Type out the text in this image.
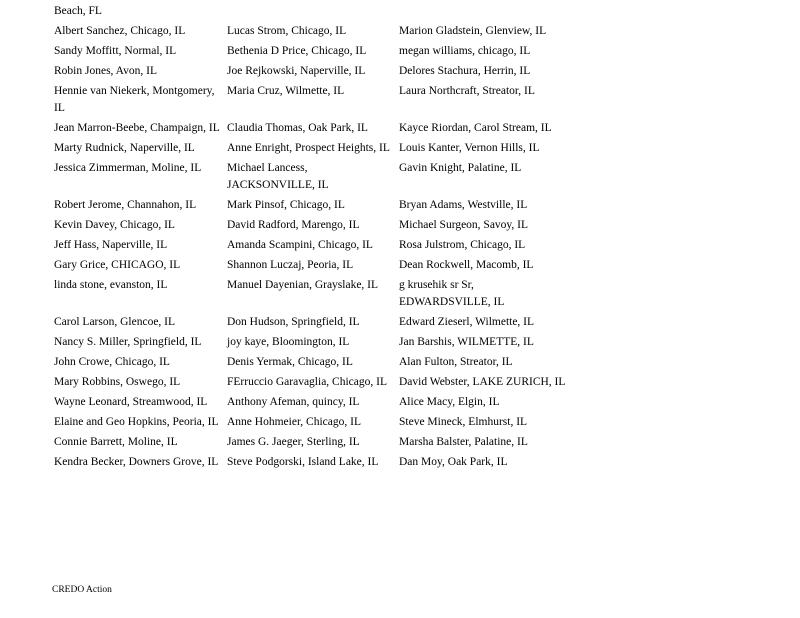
Beach, FL		
Albert Sanchez, Chicago, IL	Lucas Strom, Chicago, IL	Marion Gladstein, Glenview, IL
Sandy Moffitt, Normal, IL	Bethenia D Price, Chicago, IL	megan williams, chicago, IL
Robin Jones, Avon, IL	Joe Rejkowski, Naperville, IL	Delores Stachura, Herrin, IL
Hennie van Niekerk, Montgomery, IL	Maria Cruz, Wilmette, IL	Laura Northcraft, Streator, IL
Jean Marron-Beebe, Champaign, IL	Claudia Thomas, Oak Park, IL	Kayce Riordan, Carol Stream, IL
Marty Rudnick, Naperville, IL	Anne Enright, Prospect Heights, IL	Louis Kanter, Vernon Hills, IL
Jessica Zimmerman, Moline, IL	Michael Lancess, JACKSONVILLE, IL	Gavin Knight, Palatine, IL
Robert Jerome, Channahon, IL	Mark Pinsof, Chicago, IL	Bryan Adams, Westville, IL
Kevin Davey, Chicago, IL	David Radford, Marengo, IL	Michael Surgeon, Savoy, IL
Jeff Hass, Naperville, IL	Amanda Scampini, Chicago, IL	Rosa Julstrom, Chicago, IL
Gary Grice, CHICAGO, IL	Shannon Luczaj, Peoria, IL	Dean Rockwell, Macomb, IL
linda stone, evanston, IL	Manuel Dayenian, Grayslake, IL	g krusehik sr Sr, EDWARDSVILLE, IL
Carol Larson, Glencoe, IL	Don Hudson, Springfield, IL	Edward Zieserl, Wilmette, IL
Nancy S. Miller, Springfield, IL	joy kaye, Bloomington, IL	Jan Barshis, WILMETTE, IL
John Crowe, Chicago, IL	Denis Yermak, Chicago, IL	Alan Fulton, Streator, IL
Mary Robbins, Oswego, IL	FErruccio Garavaglia, Chicago, IL	David Webster, LAKE ZURICH, IL
Wayne Leonard, Streamwood, IL	Anthony Afeman, quincy, IL	Alice Macy, Elgin, IL
Elaine and Geo Hopkins, Peoria, IL	Anne Hohmeier, Chicago, IL	Steve Mineck, Elmhurst, IL
Connie Barrett, Moline, IL	James G. Jaeger, Sterling, IL	Marsha Balster, Palatine, IL
Kendra Becker, Downers Grove, IL	Steve Podgorski, Island Lake, IL	Dan Moy, Oak Park, IL
CREDO Action
